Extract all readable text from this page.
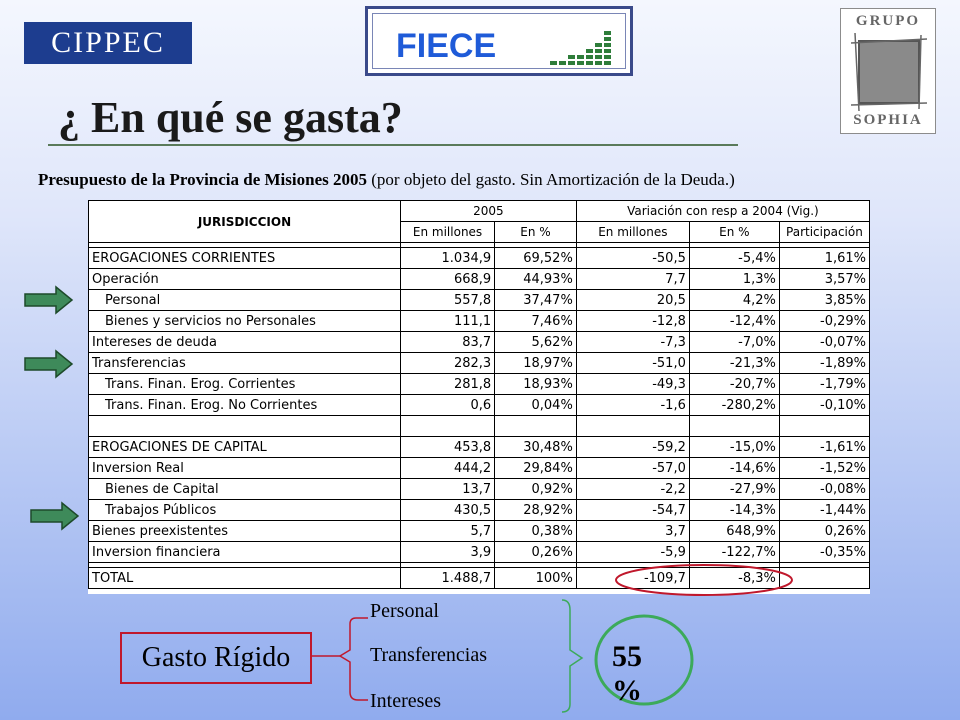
CIPPEC	FIECE
GRUPO
SOPHIA
¿ En qué se gasta?
Presupuesto de la Provincia de Misiones 2005 (por objeto del gasto. Sin Amortización de la Deuda.)
JURISDICCION	2005		Variación con resp a 2004 (Vig.)		
	En millones	En %	En millones	En %	Participación

EROGACIONES CORRIENTES	1.034,9	69,52%	-50,5	-5,4%	1,61%
Operación	668,9	44,93%	7,7	1,3%	3,57%
Personal	557,8	37,47%	20,5	4,2%	3,85%
Bienes y servicios no Personales	111,1	7,46%	-12,8	-12,4%	-0,29%
Intereses de deuda	83,7	5,62%	-7,3	-7,0%	-0,07%
Transferencias	282,3	18,97%	-51,0	-21,3%	-1,89%
Trans. Finan. Erog. Corrientes	281,8	18,93%	-49,3	-20,7%	-1,79%
Trans. Finan. Erog. No Corrientes	0,6	0,04%	-1,6	-280,2%	-0,10%

EROGACIONES DE CAPITAL	453,8	30,48%	-59,2	-15,0%	-1,61%
Inversion Real	444,2	29,84%	-57,0	-14,6%	-1,52%
Bienes de Capital	13,7	0,92%	-2,2	-27,9%	-0,08%
Trabajos Públicos	430,5	28,92%	-54,7	-14,3%	-1,44%
Bienes preexistentes	5,7	0,38%	3,7	648,9%	0,26%
Inversion financiera	3,9	0,26%	-5,9	-122,7%	-0,35%

TOTAL	1.488,7	100%	-109,7	-8,3%	
Gasto Rígido
Personal
Transferencias
Intereses
55 %
